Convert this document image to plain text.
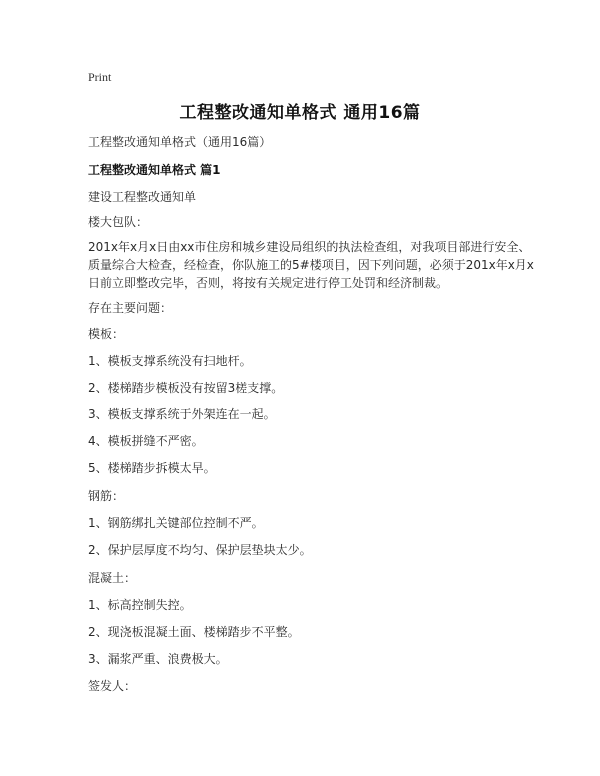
Print
工程整改通知单格式 通用16篇
工程整改通知单格式（通用16篇）
工程整改通知单格式 篇1
建设工程整改通知单
楼大包队：
201x年x月x日由xx市住房和城乡建设局组织的执法检查组，对我项目部进行安全、
质量综合大检查，经检查，你队施工的5#楼项目，因下列问题，必须于201x年x月x
日前立即整改完毕，否则，将按有关规定进行停工处罚和经济制裁。
存在主要问题：
模板：
1、模板支撑系统没有扫地杆。
2、楼梯踏步模板没有按留3槎支撑。
3、模板支撑系统于外架连在一起。
4、模板拼缝不严密。
5、楼梯踏步拆模太早。
钢筋：
1、钢筋绑扎关键部位控制不严。
2、保护层厚度不均匀、保护层垫块太少。
混凝土：
1、标高控制失控。
2、现浇板混凝土面、楼梯踏步不平整。
3、漏浆严重、浪费极大。
签发人：
